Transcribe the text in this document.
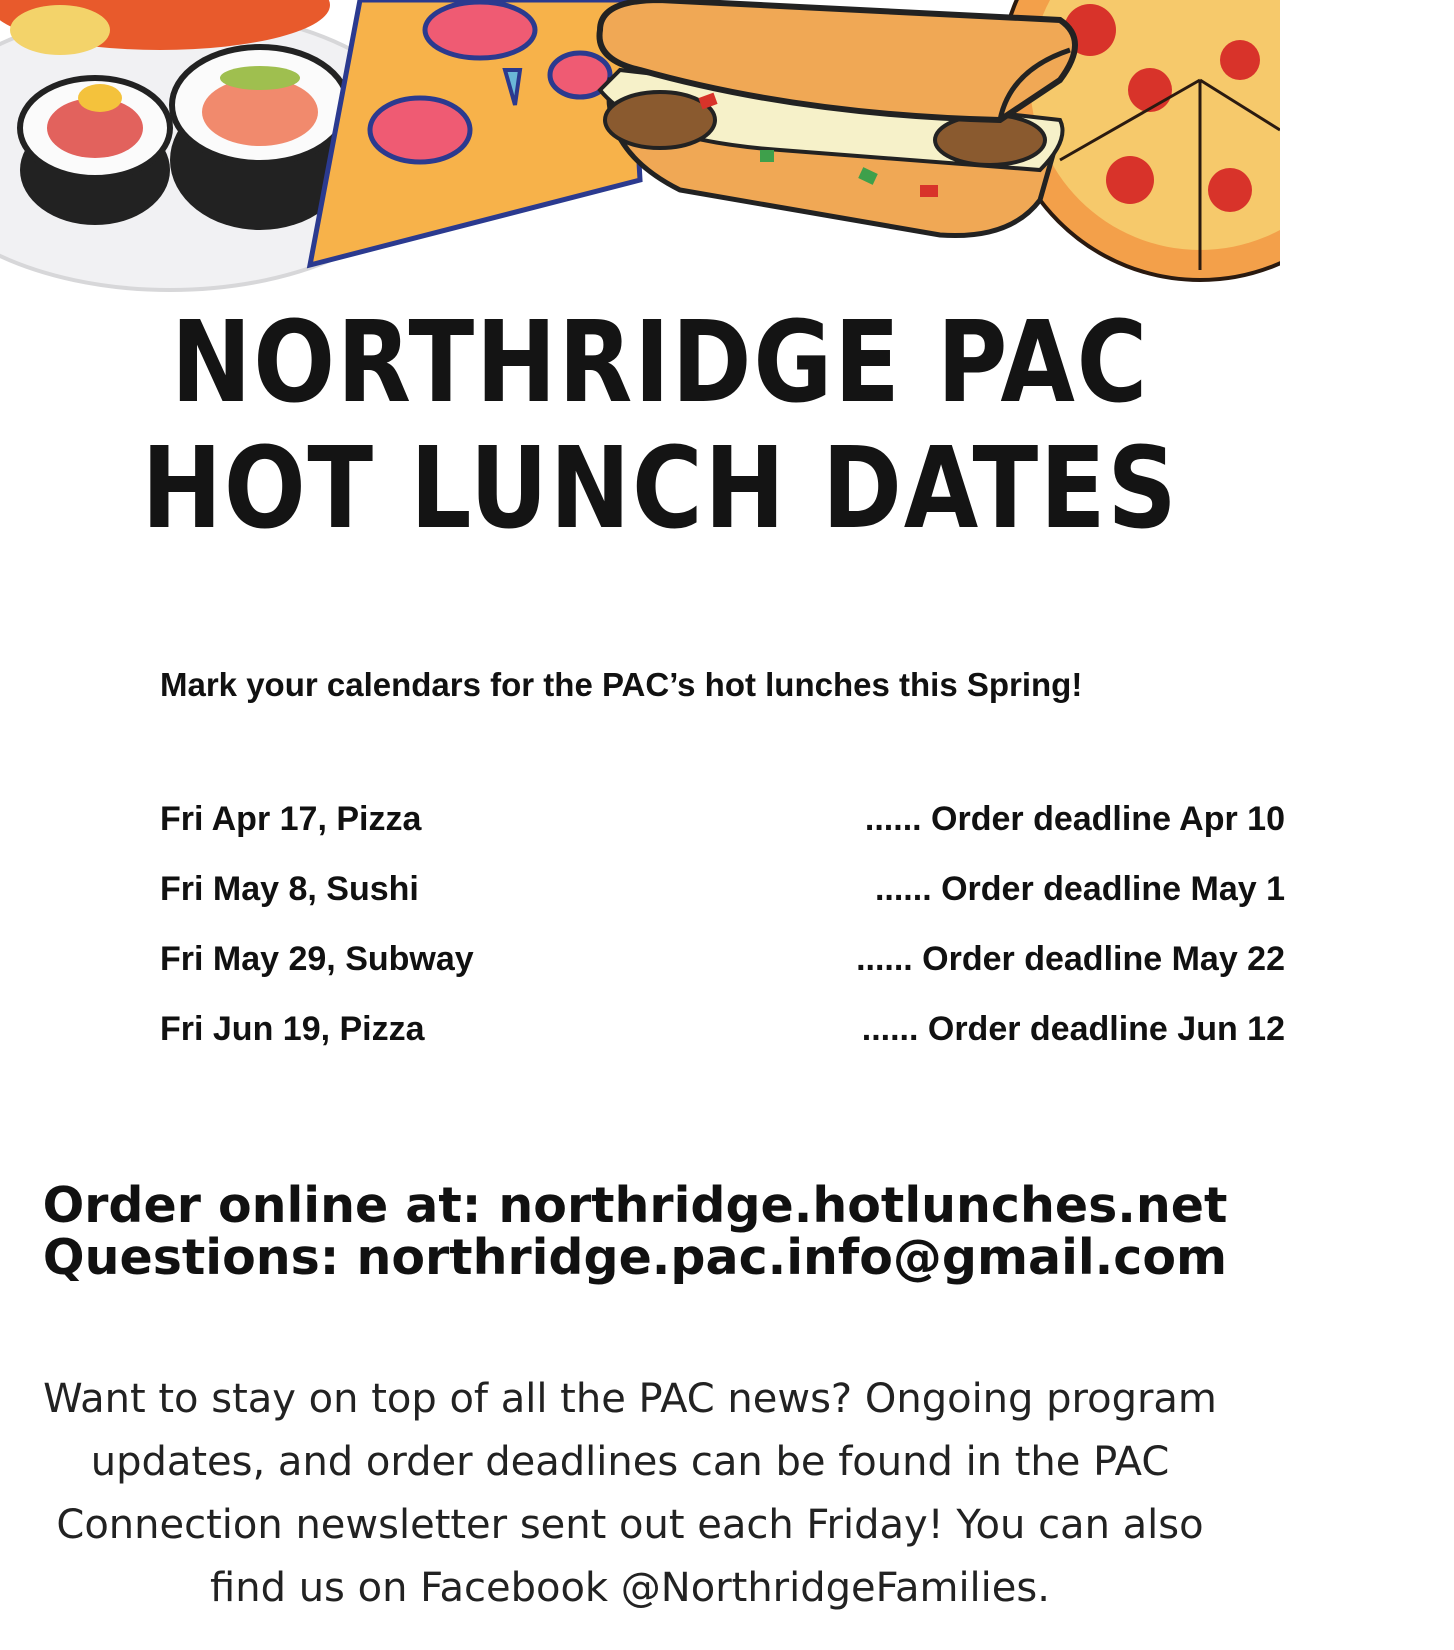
NORTHRIDGE PAC
HOT LUNCH DATES
Mark your calendars for the PAC’s hot lunches this Spring!
Fri Apr 17, Pizza	...... Order deadline Apr 10
Fri May 8, Sushi	...... Order deadline May 1
Fri May 29, Subway	...... Order deadline May 22
Fri Jun 19, Pizza	...... Order deadline Jun 12
Order online at: northridge.hotlunches.net
Questions: northridge.pac.info@gmail.com
Want to stay on top of all the PAC news? Ongoing program updates, and order deadlines can be found in the PAC Connection newsletter sent out each Friday! You can also find us on Facebook @NorthridgeFamilies.
